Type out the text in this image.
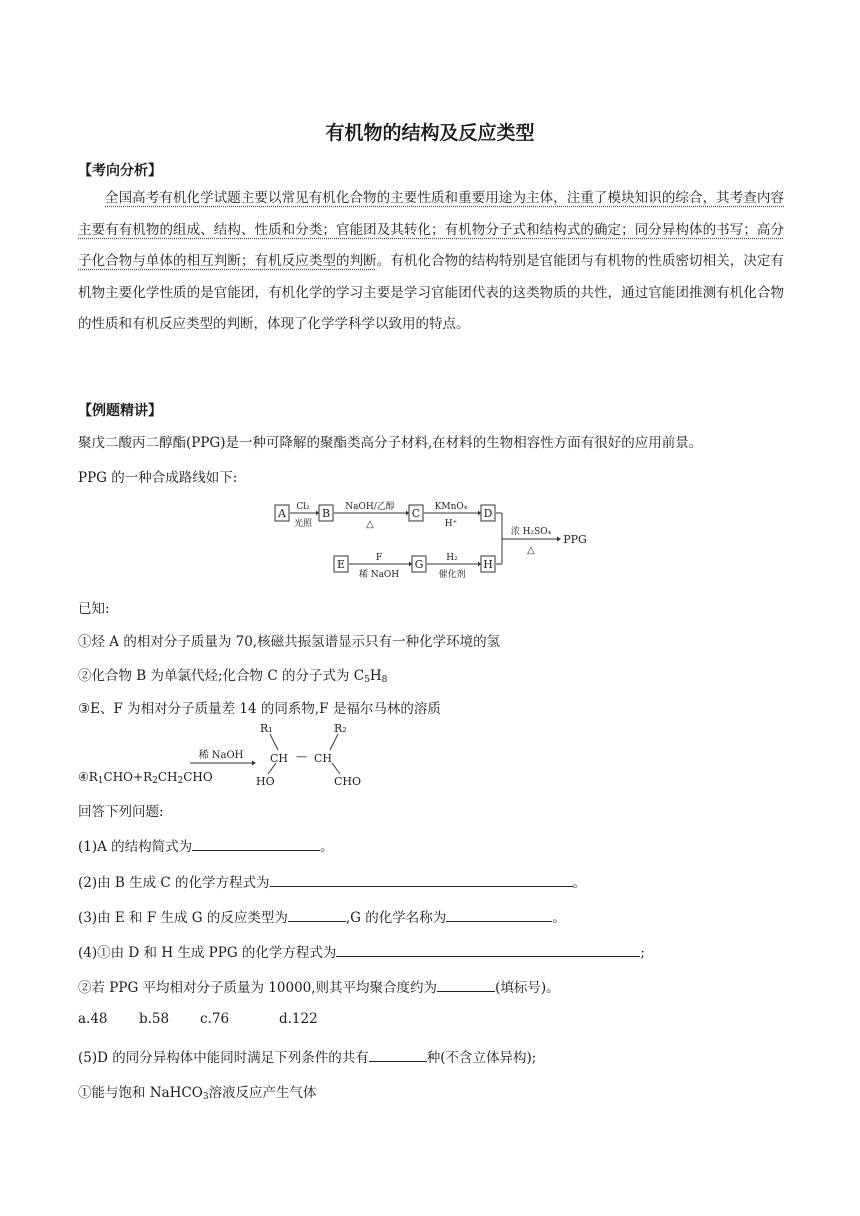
有机物的结构及反应类型
【考向分析】
全国高考有机化学试题主要以常见有机化合物的主要性质和重要用途为主体，注重了模块知识的综合，其考查内容主要有有机物的组成、结构、性质和分类；官能团及其转化；有机物分子式和结构式的确定；同分异构体的书写；高分子化合物与单体的相互判断；有机反应类型的判断。有机化合物的结构特别是官能团与有机物的性质密切相关，决定有机物主要化学性质的是官能团，有机化学的学习主要是学习官能团代表的这类物质的共性，通过官能团推测有机化合物的性质和有机反应类型的判断，体现了化学学科学以致用的特点。
【例题精讲】
聚戊二酸丙二醇酯(PPG)是一种可降解的聚酯类高分子材料,在材料的生物相容性方面有很好的应用前景。
PPG 的一种合成路线如下:
A	B	C	D
E	G	H
PPG
Cl₂
光照
NaOH/乙醇
△
KMnO₄
H⁺
F
稀 NaOH
H₂
催化剂
浓 H₂SO₄
△
已知:
①烃 A 的相对分子质量为 70,核磁共振氢谱显示只有一种化学环境的氢
②化合物 B 为单氯代烃;化合物 C 的分子式为 $C_5H_8$
③E、F 为相对分子质量差 14 的同系物,F 是福尔马林的溶质
$④R_1CHO+R_2CH_2CHO$
稀 NaOH
R₁	R₂
CH — CH
HO	CHO
回答下列问题:
(1)A 的结构简式为	。
(2)由 B 生成 C 的化学方程式为	。
(3)由 E 和 F 生成 G 的反应类型为	,G 的化学名称为	。
(4)①由 D 和 H 生成 PPG 的化学方程式为	;
②若 PPG 平均相对分子质量为 10000,则其平均聚合度约为	(填标号)。
a.48 b.58 c.76	d.122
(5)D 的同分异构体中能同时满足下列条件的共有	种(不含立体异构);
①能与饱和 NaHCO$_3$溶液反应产生气体
